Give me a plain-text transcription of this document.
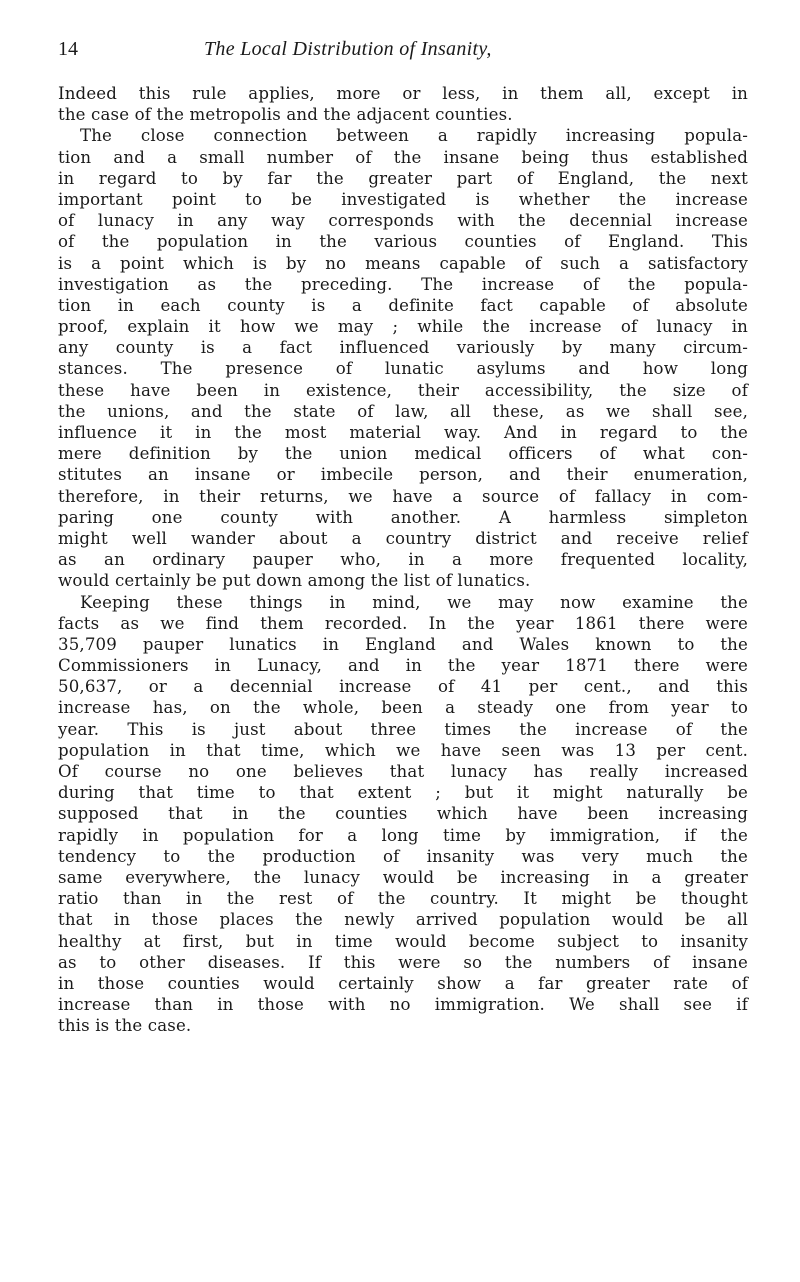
14	The Local Distribution of Insanity,
Indeed this rule applies, more or less, in them all, except in
the case of the metropolis and the adjacent counties.
The close connection between a rapidly increasing popula-
tion and a small number of the insane being thus established
in regard to by far the greater part of England, the next
important point to be investigated is whether the increase
of lunacy in any way corresponds with the decennial increase
of the population in the various counties of England. This
is a point which is by no means capable of such a satisfactory
investigation as the preceding. The increase of the popula-
tion in each county is a definite fact capable of absolute
proof, explain it how we may ; while the increase of lunacy in
any county is a fact influenced variously by many circum-
stances. The presence of lunatic asylums and how long
these have been in existence, their accessibility, the size of
the unions, and the state of law, all these, as we shall see,
influence it in the most material way. And in regard to the
mere definition by the union medical officers of what con-
stitutes an insane or imbecile person, and their enumeration,
therefore, in their returns, we have a source of fallacy in com-
paring one county with another. A harmless simpleton
might well wander about a country district and receive relief
as an ordinary pauper who, in a more frequented locality,
would certainly be put down among the list of lunatics.
Keeping these things in mind, we may now examine the
facts as we find them recorded. In the year 1861 there were
35,709 pauper lunatics in England and Wales known to the
Commissioners in Lunacy, and in the year 1871 there were
50,637, or a decennial increase of 41 per cent., and this
increase has, on the whole, been a steady one from year to
year. This is just about three times the increase of the
population in that time, which we have seen was 13 per cent.
Of course no one believes that lunacy has really increased
during that time to that extent ; but it might naturally be
supposed that in the counties which have been increasing
rapidly in population for a long time by immigration, if the
tendency to the production of insanity was very much the
same everywhere, the lunacy would be increasing in a greater
ratio than in the rest of the country. It might be thought
that in those places the newly arrived population would be all
healthy at first, but in time would become subject to insanity
as to other diseases. If this were so the numbers of insane
in those counties would certainly show a far greater rate of
increase than in those with no immigration. We shall see if
this is the case.
